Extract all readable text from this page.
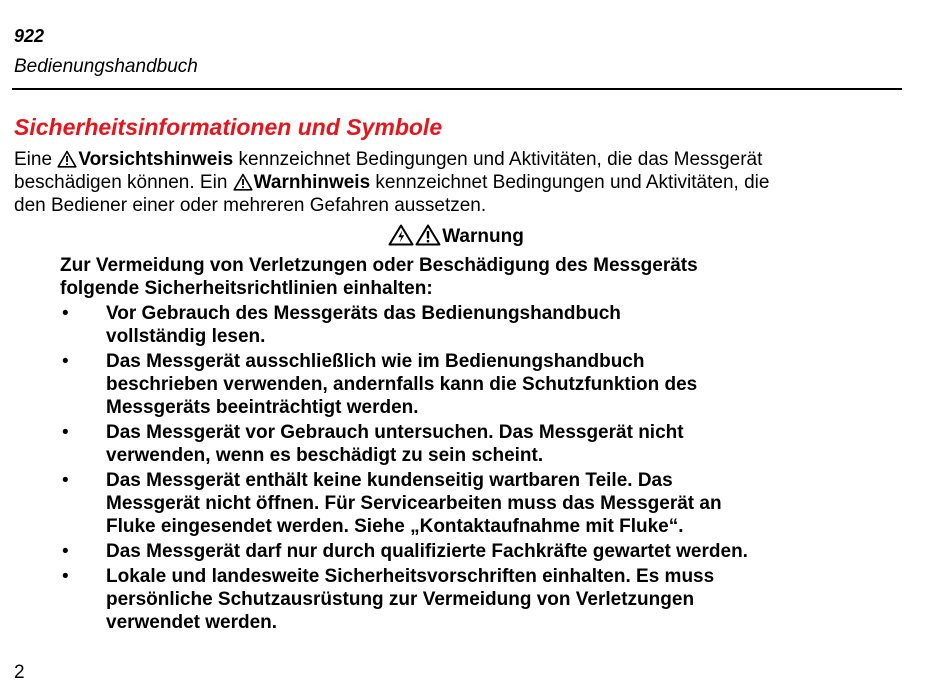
922
Bedienungshandbuch
Sicherheitsinformationen und Symbole
Eine Vorsichtshinweis kennzeichnet Bedingungen und Aktivitäten, die das Messgerät
beschädigen können. Ein Warnhinweis kennzeichnet Bedingungen und Aktivitäten, die
den Bediener einer oder mehreren Gefahren aussetzen.
Warnung
Zur Vermeidung von Verletzungen oder Beschädigung des Messgeräts
folgende Sicherheitsrichtlinien einhalten:
• Vor Gebrauch des Messgeräts das Bedienungshandbuch
vollständig lesen.
• Das Messgerät ausschließlich wie im Bedienungshandbuch
beschrieben verwenden, andernfalls kann die Schutzfunktion des
Messgeräts beeinträchtigt werden.
• Das Messgerät vor Gebrauch untersuchen. Das Messgerät nicht
verwenden, wenn es beschädigt zu sein scheint.
• Das Messgerät enthält keine kundenseitig wartbaren Teile. Das
Messgerät nicht öffnen. Für Servicearbeiten muss das Messgerät an
Fluke eingesendet werden. Siehe „Kontaktaufnahme mit Fluke“.
• Das Messgerät darf nur durch qualifizierte Fachkräfte gewartet werden.
• Lokale und landesweite Sicherheitsvorschriften einhalten. Es muss
persönliche Schutzausrüstung zur Vermeidung von Verletzungen
verwendet werden.
2
